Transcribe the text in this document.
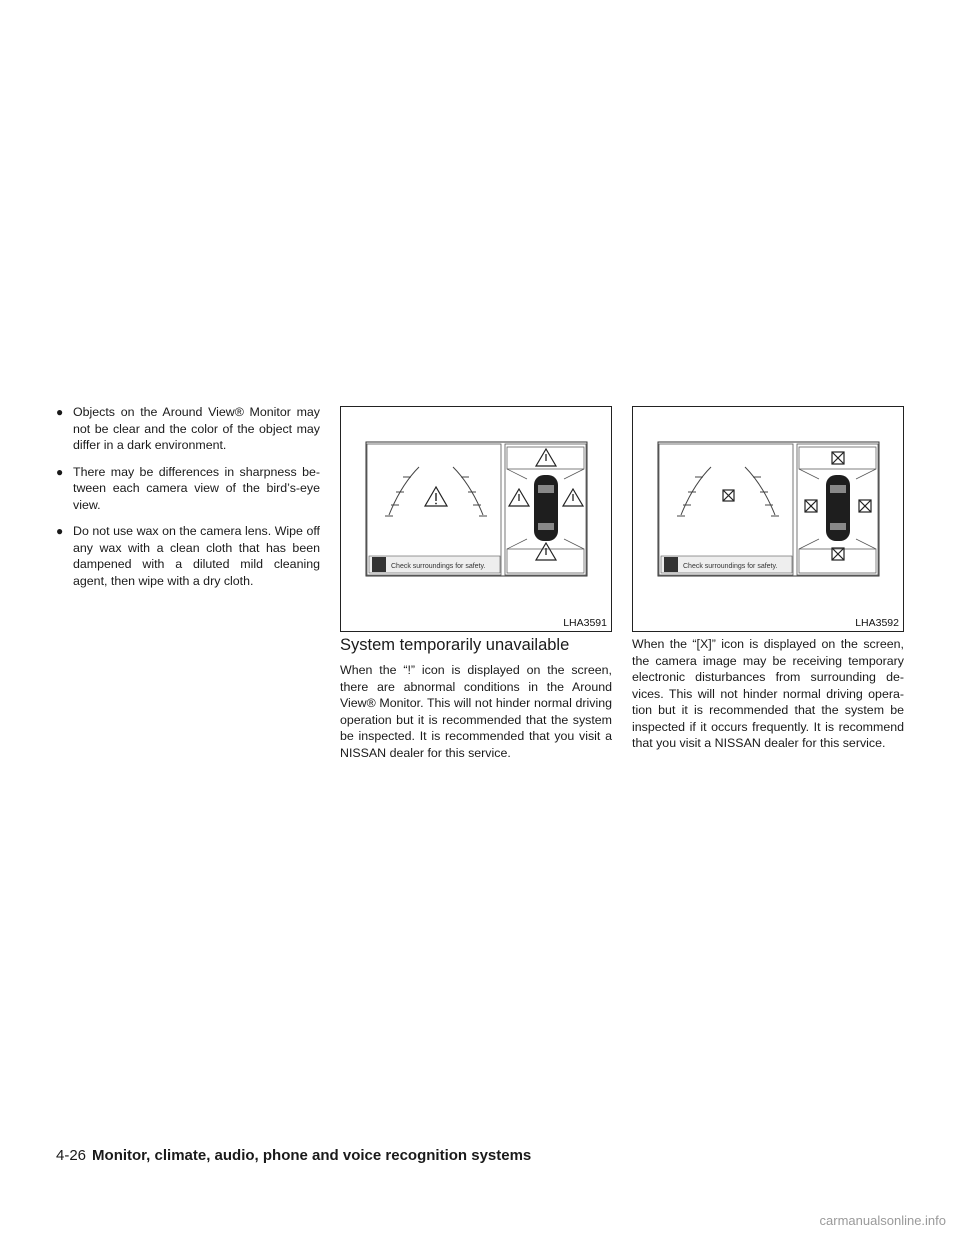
● Objects on the Around View® Monitor may not be clear and the color of the object may differ in a dark environment.
● There may be differences in sharpness be- tween each camera view of the bird’s-eye view.
● Do not use wax on the camera lens. Wipe off any wax with a clean cloth that has been dampened with a diluted mild cleaning agent, then wipe with a dry cloth.
Check surroundings for safety.
LHA3591
Check surroundings for safety.
LHA3592
System temporarily unavailable

When the “!” icon is displayed on the screen, there are abnormal conditions in the Around View® Monitor. This will not hinder normal driving operation but it is recommended that the system be inspected. It is recommended that you visit a NISSAN dealer for this service.

When the “[X]” icon is displayed on the screen, the camera image may be receiving temporary electronic disturbances from surrounding de- vices. This will not hinder normal driving opera- tion but it is recommended that the system be inspected if it occurs frequently. It is recommend that you visit a NISSAN dealer for this service.

4-26 Monitor, climate, audio, phone and voice recognition systems
carmanualsonline.info
